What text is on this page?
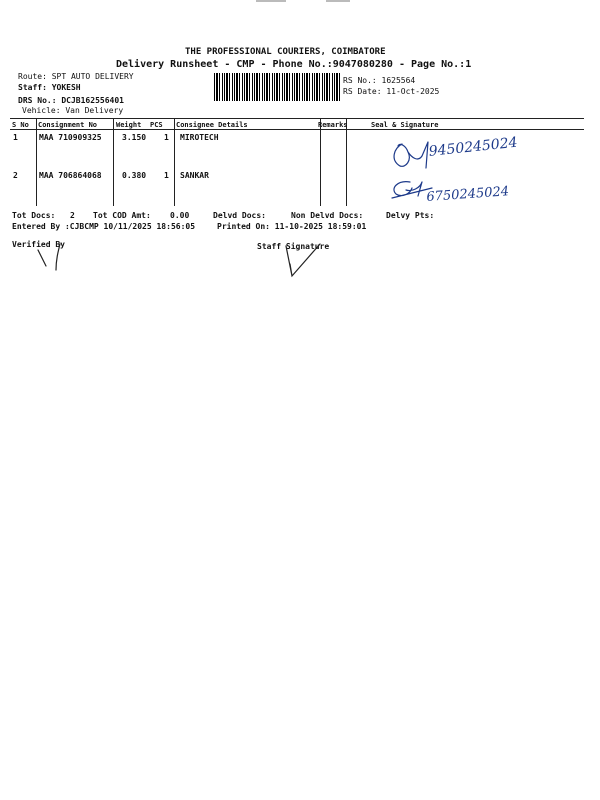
THE PROFESSIONAL COURIERS, COIMBATORE
Delivery Runsheet - CMP - Phone No.:9047080280 - Page No.:1
Route: SPT AUTO DELIVERY
Staff: YOKESH
DRS No.: DCJB162556401
Vehicle: Van Delivery
RS No.: 1625564
RS Date: 11-Oct-2025
S No Consignment No	Weight PCS Consignee Details	Remarks	Seal & Signature
1	MAA 710909325	3.150 1 MIROTECH
2	MAA 706864068	0.380 1 SANKAR
9450245024
6750245024
Tot Docs: 2 Tot COD Amt: 0.00	Delvd Docs:	Non Delvd Docs:	Delvy Pts:
Entered By :CJBCMP 10/11/2025 18:56:05	Printed On: 11-10-2025 18:59:01
Verified By	Staff Signature
